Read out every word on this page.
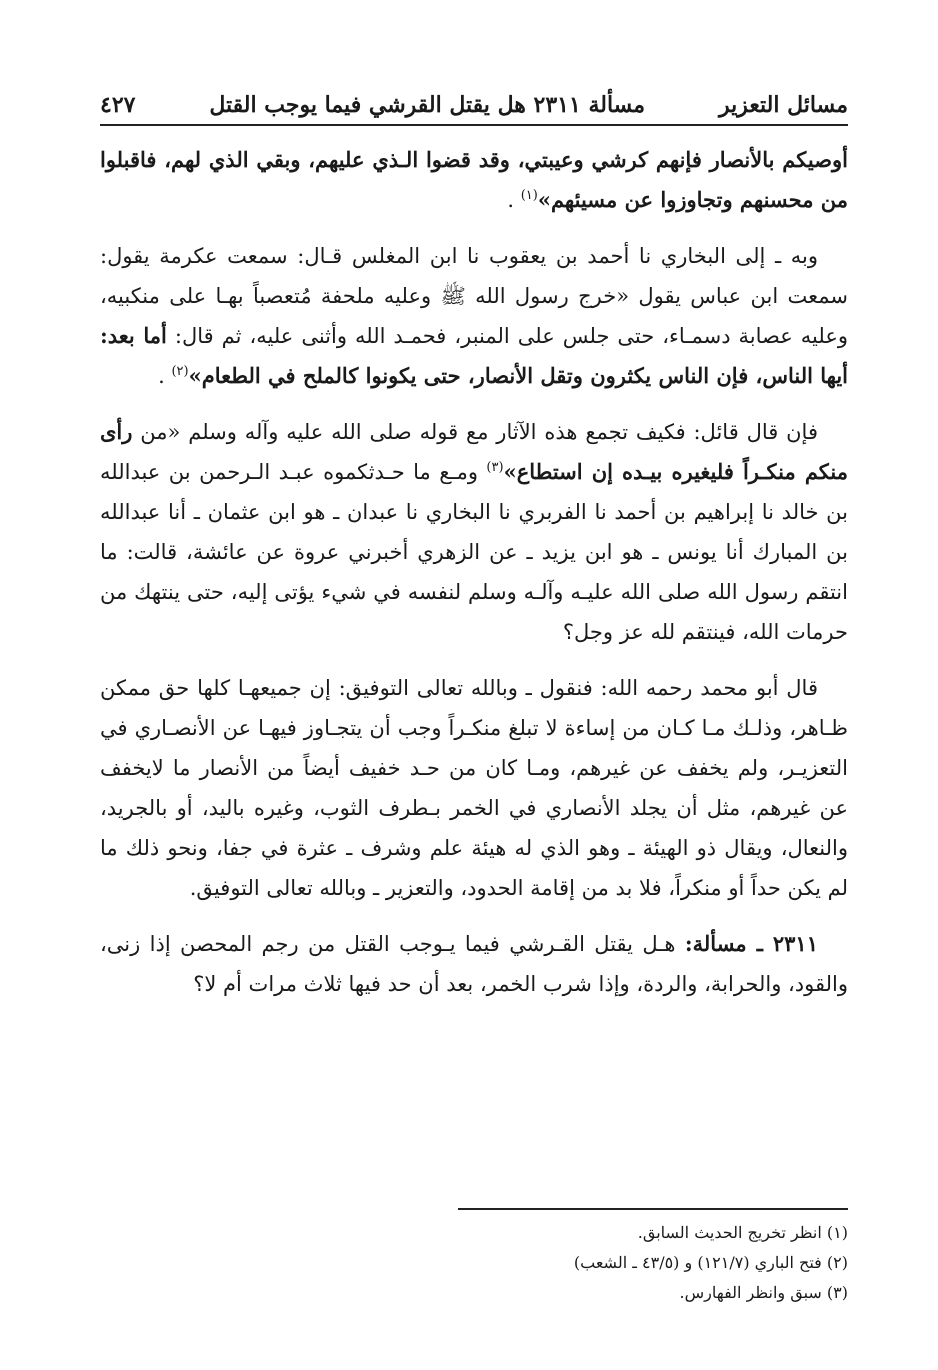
مسائل التعزير
مسألة ٢٣١١ هل يقتل القرشي فيما يوجب القتل
٤٢٧

أوصيكم بالأنصار فإنهم كرشي وعيبتي، وقد قضوا الـذي عليهم، وبقي الذي لهم، فاقبلوا من محسنهم وتجاوزوا عن مسيئهم»$^{(١)}$ .

وبه ـ إلى البخاري نا أحمد بن يعقوب نا ابن المغلس قـال: سمعت عكرمة يقول: سمعت ابن عباس يقول «خرج رسول الله ﷺ وعليه ملحفة مُتعصباً بهـا على منكبيه، وعليه عصابة دسمـاء، حتى جلس على المنبر، فحمـد الله وأثنى عليه، ثم قال: أما بعد: أيها الناس، فإن الناس يكثرون وتقل الأنصار، حتى يكونوا كالملح في الطعام»$^{(٢)}$ .

فإن قال قائل: فكيف تجمع هذه الآثار مع قوله صلى الله عليه وآله وسلم «من رأى منكم منكـراً فليغيره بيـده إن استطاع»$^{(٣)}$ ومـع ما حـدثكموه عبـد الـرحمن بن عبدالله بن خالد نا إبراهيم بن أحمد نا الفربري نا البخاري نا عبدان ـ هو ابن عثمان ـ أنا عبدالله بن المبارك أنا يونس ـ هو ابن يزيد ـ عن الزهري أخبرني عروة عن عائشة، قالت: ما انتقم رسول الله صلى الله عليـه وآلـه وسلم لنفسه في شيء يؤتى إليه، حتى ينتهك من حرمات الله، فينتقم لله عز وجل؟

قال أبو محمد رحمه الله: فنقول ـ وبالله تعالى التوفيق: إن جميعهـا كلها حق ممكن ظـاهر، وذلـك مـا كـان من إساءة لا تبلغ منكـراً وجب أن يتجـاوز فيهـا عن الأنصـاري في التعزيـر، ولم يخفف عن غيرهم، ومـا كان من حـد خفيف أيضاً من الأنصار ما لايخفف عن غيرهم، مثل أن يجلد الأنصاري في الخمر بـطرف الثوب، وغيره باليد، أو بالجريد، والنعال، ويقال ذو الهيئة ـ وهو الذي له هيئة علم وشرف ـ عثرة في جفا، ونحو ذلك ما لم يكن حداً أو منكراً، فلا بد من إقامة الحدود، والتعزير ـ وبالله تعالى التوفيق.

٢٣١١ ـ مسألة: هـل يقتل القـرشي فيما يـوجب القتل من رجم المحصن إذا زنى، والقود، والحرابة، والردة، وإذا شرب الخمر، بعد أن حد فيها ثلاث مرات أم لا؟

(١) انظر تخريج الحديث السابق.

(٢) فتح الباري (١٢١/٧) و (٤٣/٥ ـ الشعب)

(٣) سبق وانظر الفهارس.
